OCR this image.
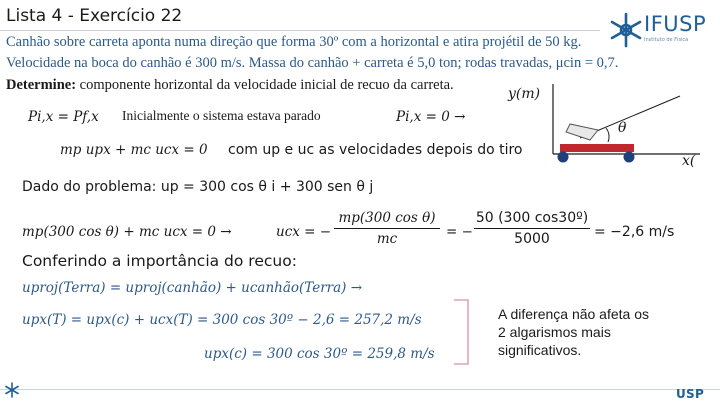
Lista 4 - Exercício 22	IFUSP
Instituto de Física
Canhão sobre carreta aponta numa direção que forma 30º com a horizontal e atira projétil de 50 kg.
Velocidade na boca do canhão é 300 m/s. Massa do canhão + carreta é 5,0 ton; rodas travadas, μcin = 0,7.
Determine: componente horizontal da velocidade inicial de recuo da carreta.
y(m)
x(
θ
Pi,x = Pf,x Inicialmente o sistema estava parado	Pi,x = 0 →
mp upx + mc ucx = 0 com up e uc as velocidades depois do tiro
Dado do problema: up = 300 cos θ i + 300 sen θ j
mp(300 cos θ) + mc ucx = 0 →	ucx = −
mp(300 cos θ)
mc	= −
50 (300 cos30º)
5000	= −2,6 m/s
Conferindo a importância do recuo:
uproj(Terra) = uproj(canhão) + ucanhão(Terra) →
upx(T) = upx(c) + ucx(T) = 300 cos 30º − 2,6 = 257,2 m/s
upx(c) = 300 cos 30º = 259,8 m/s
A diferença não afeta os 2 algarismos mais significativos.
USP
